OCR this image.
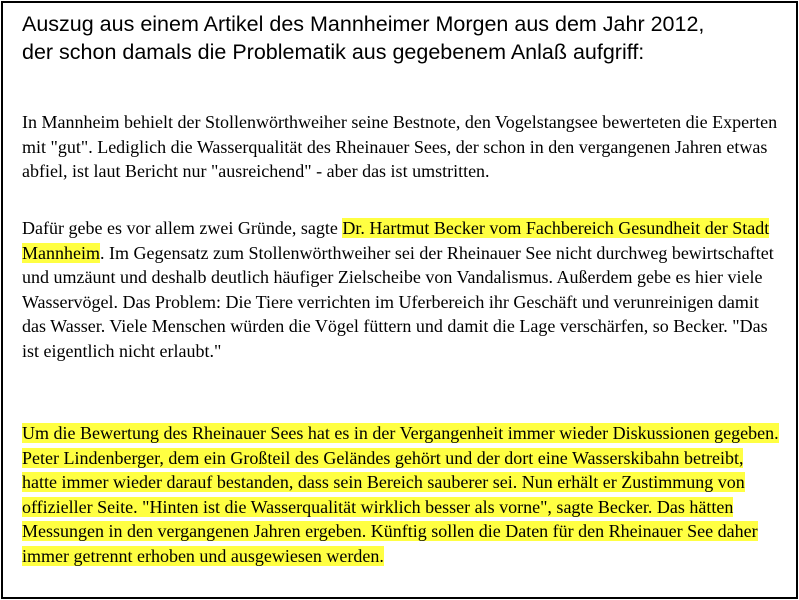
Auszug aus einem Artikel des Mannheimer Morgen aus dem Jahr 2012,
der schon damals die Problematik aus gegebenem Anlaß aufgriff:

In Mannheim behielt der Stollenwörthweiher seine Bestnote, den Vogelstangsee bewerteten die Experten mit "gut". Lediglich die Wasserqualität des Rheinauer Sees, der schon in den vergangenen Jahren etwas abfiel, ist laut Bericht nur "ausreichend" - aber das ist umstritten.

Dafür gebe es vor allem zwei Gründe, sagte Dr. Hartmut Becker vom Fachbereich Gesundheit der Stadt Mannheim. Im Gegensatz zum Stollenwörthweiher sei der Rheinauer See nicht durchweg bewirtschaftet und umzäunt und deshalb deutlich häufiger Zielscheibe von Vandalismus. Außerdem gebe es hier viele Wasservögel. Das Problem: Die Tiere verrichten im Uferbereich ihr Geschäft und verunreinigen damit das Wasser. Viele Menschen würden die Vögel füttern und damit die Lage verschärfen, so Becker. "Das ist eigentlich nicht erlaubt."

Um die Bewertung des Rheinauer Sees hat es in der Vergangenheit immer wieder Diskussionen gegeben. Peter Lindenberger, dem ein Großteil des Geländes gehört und der dort eine Wasserskibahn betreibt, hatte immer wieder darauf bestanden, dass sein Bereich sauberer sei. Nun erhält er Zustimmung von offizieller Seite. "Hinten ist die Wasserqualität wirklich besser als vorne", sagte Becker. Das hätten Messungen in den vergangenen Jahren ergeben. Künftig sollen die Daten für den Rheinauer See daher immer getrennt erhoben und ausgewiesen werden.
